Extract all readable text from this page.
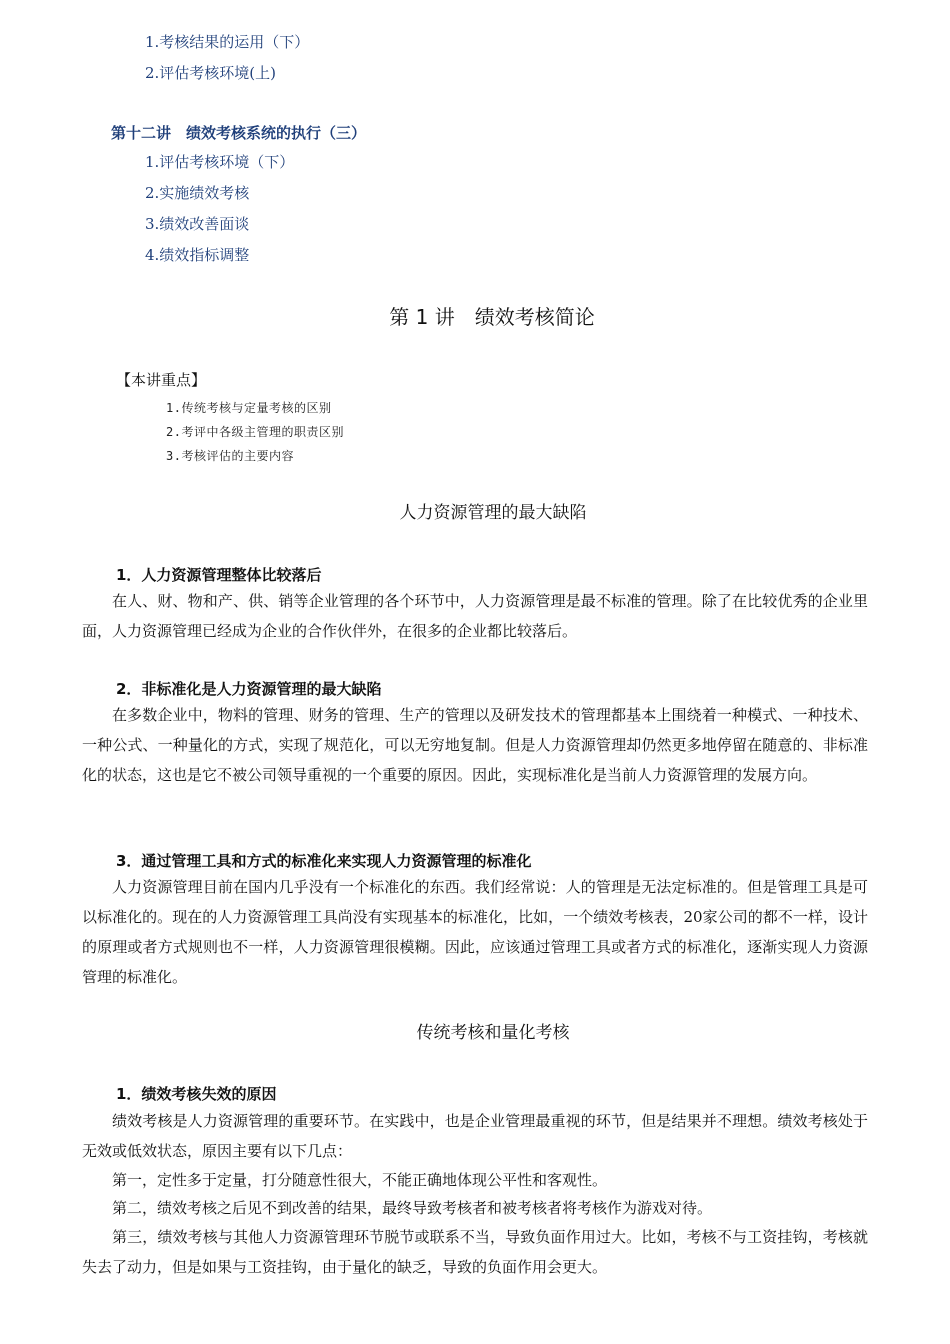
1.考核结果的运用（下）
2.评估考核环境(上)
第十二讲　绩效考核系统的执行（三）
1.评估考核环境（下）
2.实施绩效考核
3.绩效改善面谈
4.绩效指标调整
第 1 讲　绩效考核简论
【本讲重点】
1.传统考核与定量考核的区别
2.考评中各级主管理的职责区别
3.考核评估的主要内容
人力资源管理的最大缺陷
1．人力资源管理整体比较落后

在人、财、物和产、供、销等企业管理的各个环节中，人力资源管理是最不标准的管理。除了在比较优秀的企业里面，人力资源管理已经成为企业的合作伙伴外，在很多的企业都比较落后。

2．非标准化是人力资源管理的最大缺陷

在多数企业中，物料的管理、财务的管理、生产的管理以及研发技术的管理都基本上围绕着一种模式、一种技术、一种公式、一种量化的方式，实现了规范化，可以无穷地复制。但是人力资源管理却仍然更多地停留在随意的、非标准化的状态，这也是它不被公司领导重视的一个重要的原因。因此，实现标准化是当前人力资源管理的发展方向。

3．通过管理工具和方式的标准化来实现人力资源管理的标准化

人力资源管理目前在国内几乎没有一个标准化的东西。我们经常说：人的管理是无法定标准的。但是管理工具是可以标准化的。现在的人力资源管理工具尚没有实现基本的标准化，比如，一个绩效考核表，20家公司的都不一样，设计的原理或者方式规则也不一样，人力资源管理很模糊。因此，应该通过管理工具或者方式的标准化，逐渐实现人力资源管理的标准化。

传统考核和量化考核
1．绩效考核失效的原因

绩效考核是人力资源管理的重要环节。在实践中，也是企业管理最重视的环节，但是结果并不理想。绩效考核处于无效或低效状态，原因主要有以下几点：

第一，定性多于定量，打分随意性很大，不能正确地体现公平性和客观性。

第二，绩效考核之后见不到改善的结果，最终导致考核者和被考核者将考核作为游戏对待。

第三，绩效考核与其他人力资源管理环节脱节或联系不当，导致负面作用过大。比如，考核不与工资挂钩，考核就失去了动力，但是如果与工资挂钩，由于量化的缺乏，导致的负面作用会更大。
